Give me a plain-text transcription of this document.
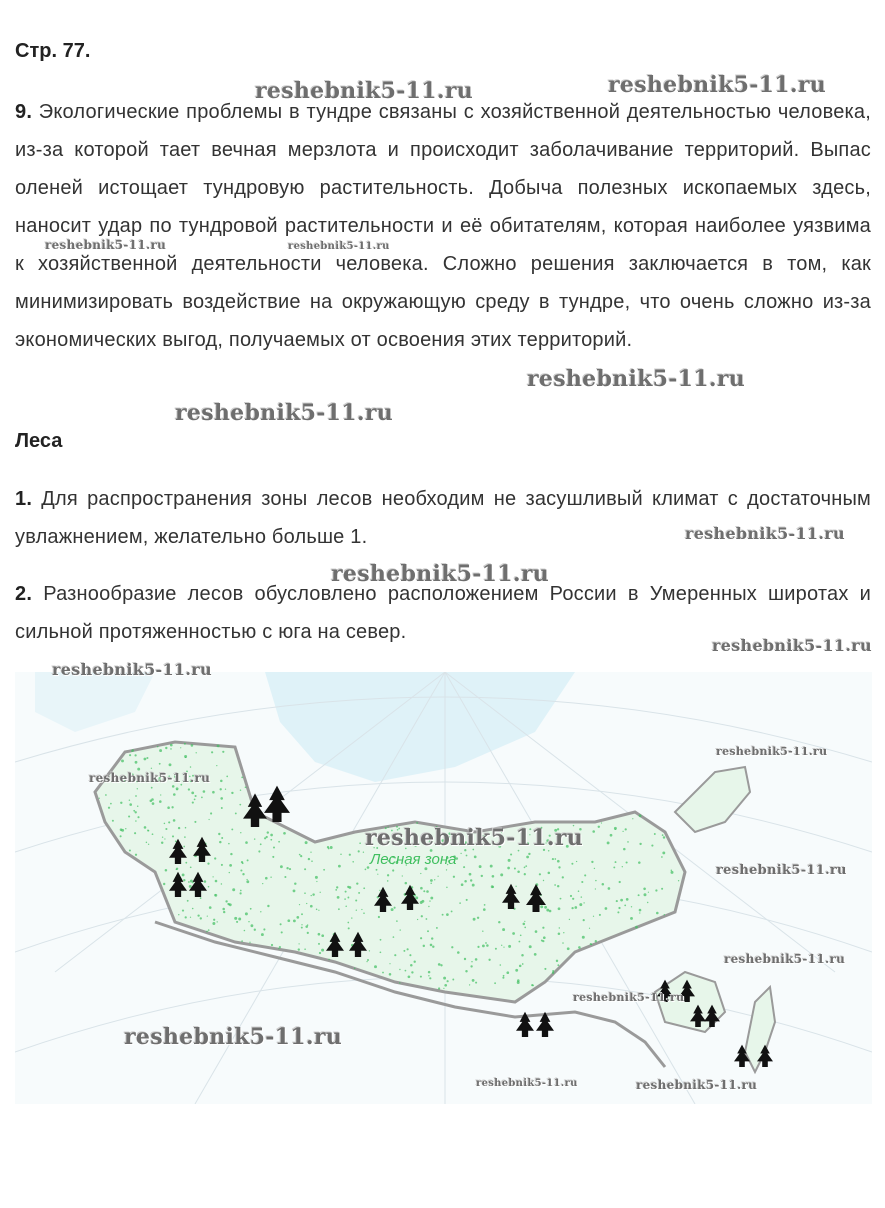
Стр. 77.
9. Экологические проблемы в тундре связаны с хозяйственной деятельностью человека, из-за которой тает вечная мерзлота и происходит заболачивание территорий. Выпас оленей истощает тундровую растительность. Добыча полезных ископаемых здесь, наносит удар по тундровой растительности и её обитателям, которая наиболее уязвима к хозяйственной деятельности человека. Сложно решения заключается в том, как минимизировать воздействие на окружающую среду в тундре, что очень сложно из-за экономических выгод, получаемых от освоения этих территорий.
Леса
1. Для распространения зоны лесов необходим не засушливый климат с достаточным увлажнением, желательно больше 1.
2. Разнообразие лесов обусловлено расположением России в Умеренных широтах и сильной протяженностью с юга на север.
Лесная зона
reshebnik5-11.ru	reshebnik5-11.ru
reshebnik5-11.ru	reshebnik5-11.ru
reshebnik5-11.ru
reshebnik5-11.ru
reshebnik5-11.ru
reshebnik5-11.ru
reshebnik5-11.ru
reshebnik5-11.ru
reshebnik5-11.ru
reshebnik5-11.ru
reshebnik5-11.ru
reshebnik5-11.ru
reshebnik5-11.ru
reshebnik5-11.ru
reshebnik5-11.ru
reshebnik5-11.ru	reshebnik5-11.ru
